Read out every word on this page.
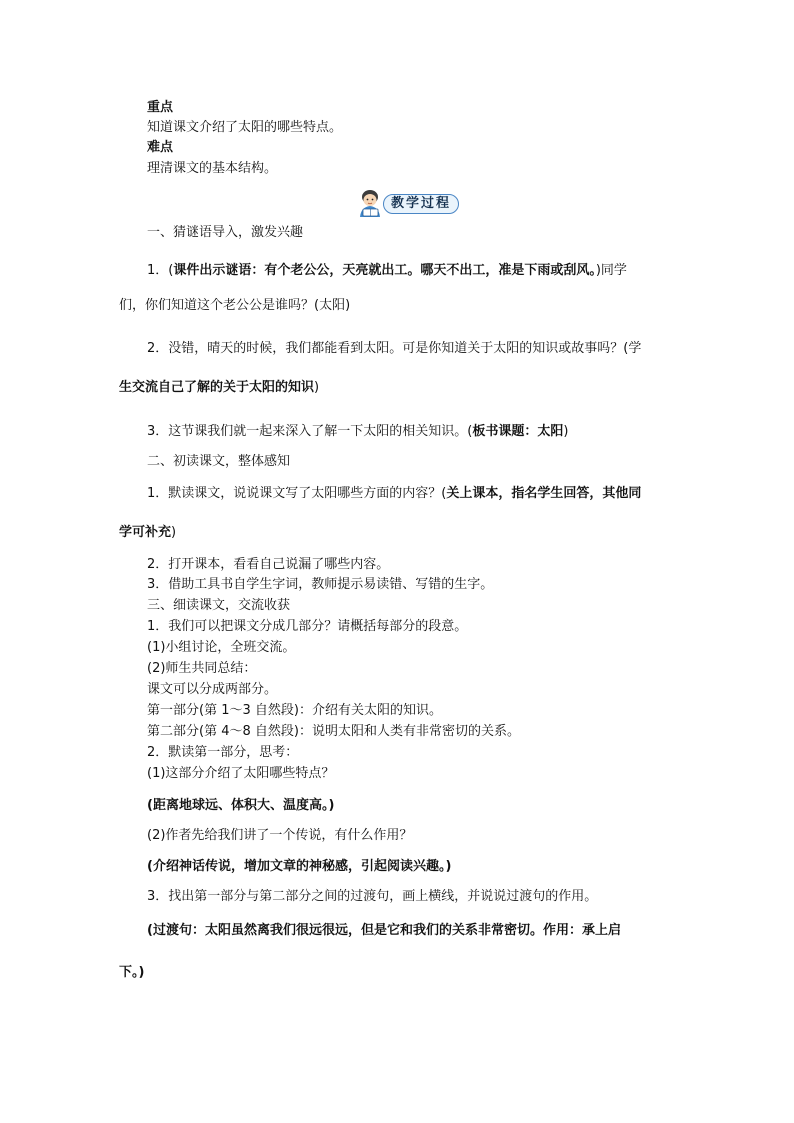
重点
知道课文介绍了太阳的哪些特点。
难点
理清课文的基本结构。
教学过程
一、猜谜语导入，激发兴趣
1．(课件出示谜语：有个老公公，天亮就出工。哪天不出工，准是下雨或刮风。)同学
们，你们知道这个老公公是谁吗？(太阳)
2．没错，晴天的时候，我们都能看到太阳。可是你知道关于太阳的知识或故事吗？(学
生交流自己了解的关于太阳的知识)
3．这节课我们就一起来深入了解一下太阳的相关知识。(板书课题：太阳)
二、初读课文，整体感知
1．默读课文，说说课文写了太阳哪些方面的内容？(关上课本，指名学生回答，其他同
学可补充)
2．打开课本，看看自己说漏了哪些内容。
3．借助工具书自学生字词，教师提示易读错、写错的生字。
三、细读课文，交流收获
1．我们可以把课文分成几部分？请概括每部分的段意。
(1)小组讨论，全班交流。
(2)师生共同总结：
课文可以分成两部分。
第一部分(第 1～3 自然段)：介绍有关太阳的知识。
第二部分(第 4～8 自然段)：说明太阳和人类有非常密切的关系。
2．默读第一部分，思考：
(1)这部分介绍了太阳哪些特点？
(距离地球远、体积大、温度高。)
(2)作者先给我们讲了一个传说，有什么作用？
(介绍神话传说，增加文章的神秘感，引起阅读兴趣。)
3．找出第一部分与第二部分之间的过渡句，画上横线，并说说过渡句的作用。
(过渡句：太阳虽然离我们很远很远，但是它和我们的关系非常密切。作用：承上启
下。)
